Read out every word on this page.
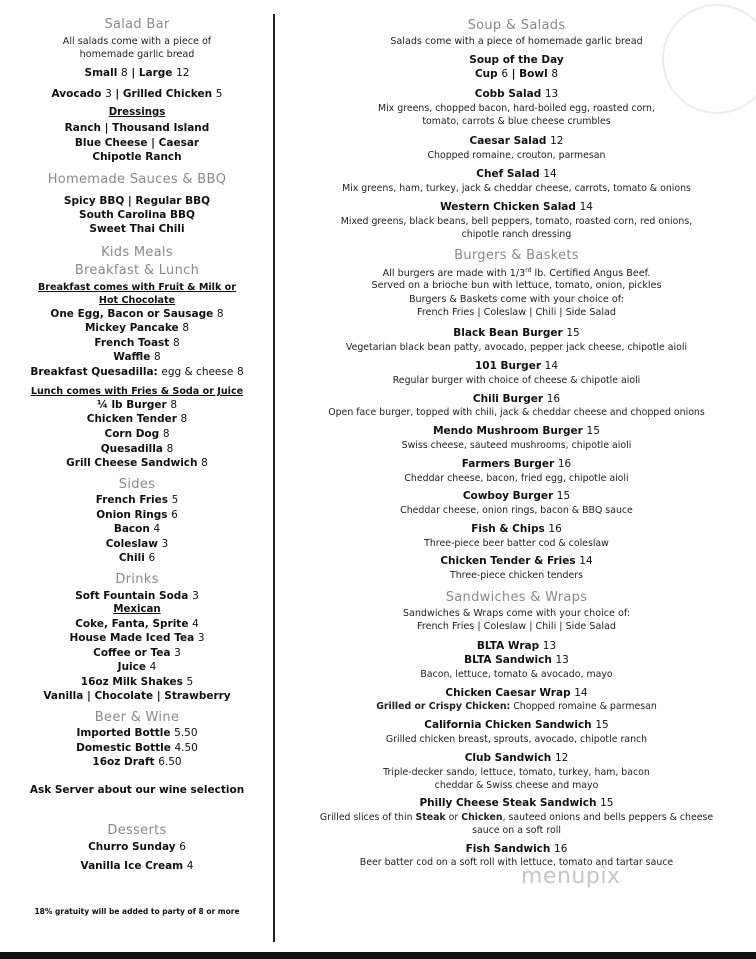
Salad Bar
All salads come with a piece of
homemade garlic bread
Small 8 | Large 12
Avocado 3 | Grilled Chicken 5
Dressings
Ranch | Thousand Island
Blue Cheese | Caesar
Chipotle Ranch
Homemade Sauces & BBQ
Spicy BBQ | Regular BBQ
South Carolina BBQ
Sweet Thai Chili
Kids Meals
Breakfast & Lunch
Breakfast comes with Fruit & Milk or
Hot Chocolate
One Egg, Bacon or Sausage 8
Mickey Pancake 8
French Toast 8
Waffle 8
Breakfast Quesadilla: egg & cheese 8
Lunch comes with Fries & Soda or Juice
¼ lb Burger 8
Chicken Tender 8
Corn Dog 8
Quesadilla 8
Grill Cheese Sandwich 8
Sides
French Fries 5
Onion Rings 6
Bacon 4
Coleslaw 3
Chili 6
Drinks
Soft Fountain Soda 3
Mexican
Coke, Fanta, Sprite 4
House Made Iced Tea 3
Coffee or Tea 3
Juice 4
16oz Milk Shakes 5
Vanilla | Chocolate | Strawberry
Beer & Wine
Imported Bottle 5.50
Domestic Bottle 4.50
16oz Draft 6.50
Ask Server about our wine selection
Desserts
Churro Sunday 6
Vanilla Ice Cream 4
18% gratuity will be added to party of 8 or more
Soup & Salads
Salads come with a piece of homemade garlic bread
Soup of the Day
Cup 6 | Bowl 8
Cobb Salad 13
Mix greens, chopped bacon, hard-boiled egg, roasted corn,
tomato, carrots & blue cheese crumbles
Caesar Salad 12
Chopped romaine, crouton, parmesan
Chef Salad 14
Mix greens, ham, turkey, jack & cheddar cheese, carrots, tomato & onions
Western Chicken Salad 14
Mixed greens, black beans, bell peppers, tomato, roasted corn, red onions,
chipotle ranch dressing
Burgers & Baskets
All burgers are made with 1/3rd lb. Certified Angus Beef.
Served on a brioche bun with lettuce, tomato, onion, pickles
Burgers & Baskets come with your choice of:
French Fries | Coleslaw | Chili | Side Salad
Black Bean Burger 15
Vegetarian black bean patty, avocado, pepper jack cheese, chipotle aioli
101 Burger 14
Regular burger with choice of cheese & chipotle aioli
Chili Burger 16
Open face burger, topped with chili, jack & cheddar cheese and chopped onions
Mendo Mushroom Burger 15
Swiss cheese, sauteed mushrooms, chipotle aioli
Farmers Burger 16
Cheddar cheese, bacon, fried egg, chipotle aioli
Cowboy Burger 15
Cheddar cheese, onion rings, bacon & BBQ sauce
Fish & Chips 16
Three-piece beer batter cod & coleslaw
Chicken Tender & Fries 14
Three-piece chicken tenders
Sandwiches & Wraps
Sandwiches & Wraps come with your choice of:
French Fries | Coleslaw | Chili | Side Salad
BLTA Wrap 13
BLTA Sandwich 13
Bacon, lettuce, tomato & avocado, mayo
Chicken Caesar Wrap 14
Grilled or Crispy Chicken: Chopped romaine & parmesan
California Chicken Sandwich 15
Grilled chicken breast, sprouts, avocado, chipotle ranch
Club Sandwich 12
Triple-decker sando, lettuce, tomato, turkey, ham, bacon
cheddar & Swiss cheese and mayo
Philly Cheese Steak Sandwich 15
Grilled slices of thin Steak or Chicken, sauteed onions and bells peppers & cheese
sauce on a soft roll
Fish Sandwich 16
Beer batter cod on a soft roll with lettuce, tomato and tartar sauce
menupix
